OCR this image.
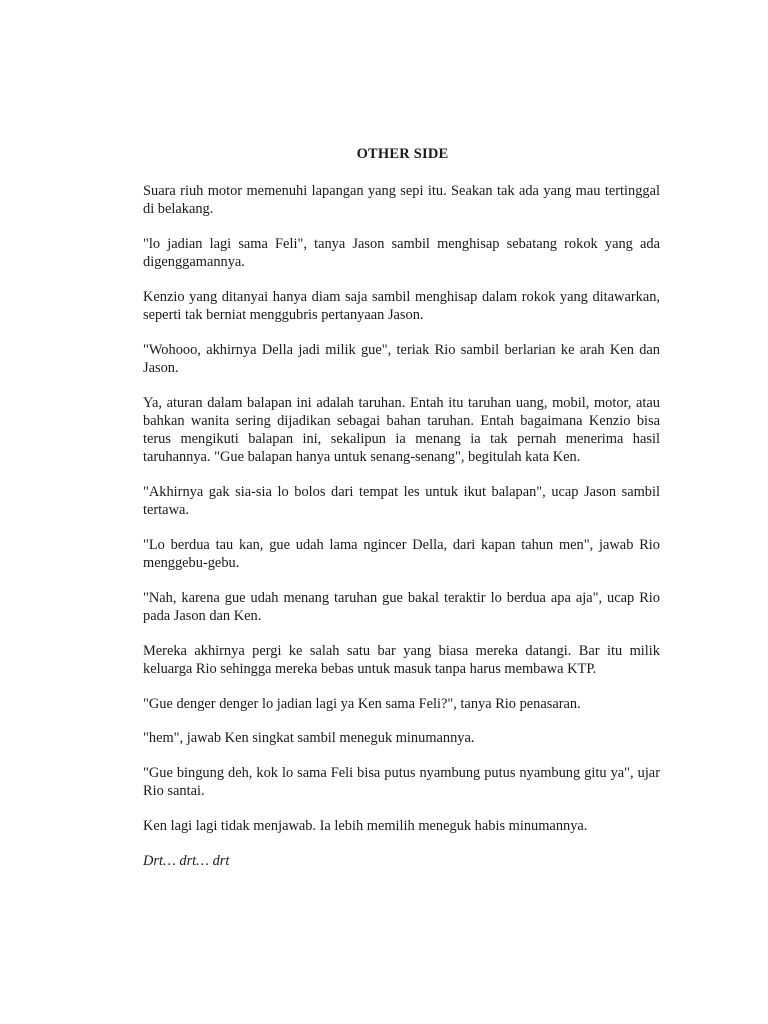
OTHER SIDE

Suara riuh motor memenuhi lapangan yang sepi itu. Seakan tak ada yang mau tertinggal di belakang.

"lo jadian lagi sama Feli", tanya Jason sambil menghisap sebatang rokok yang ada digenggamannya.

Kenzio yang ditanyai hanya diam saja sambil menghisap dalam rokok yang ditawarkan, seperti tak berniat menggubris pertanyaan Jason.

"Wohooo, akhirnya Della jadi milik gue", teriak Rio sambil berlarian ke arah Ken dan Jason.

Ya, aturan dalam balapan ini adalah taruhan. Entah itu taruhan uang, mobil, motor, atau bahkan wanita sering dijadikan sebagai bahan taruhan. Entah bagaimana Kenzio bisa terus mengikuti balapan ini, sekalipun ia menang ia tak pernah menerima hasil taruhannya. "Gue balapan hanya untuk senang-senang", begitulah kata Ken.

"Akhirnya gak sia-sia lo bolos dari tempat les untuk ikut balapan", ucap Jason sambil tertawa.

"Lo berdua tau kan, gue udah lama ngincer Della, dari kapan tahun men", jawab Rio menggebu-gebu.

"Nah, karena gue udah menang taruhan gue bakal teraktir lo berdua apa aja", ucap Rio pada Jason dan Ken.

Mereka akhirnya pergi ke salah satu bar yang biasa mereka datangi. Bar itu milik keluarga Rio sehingga mereka bebas untuk masuk tanpa harus membawa KTP.

"Gue denger denger lo jadian lagi ya Ken sama Feli?", tanya Rio penasaran.

"hem", jawab Ken singkat sambil meneguk minumannya.

"Gue bingung deh, kok lo sama Feli bisa putus nyambung putus nyambung gitu ya", ujar Rio santai.

Ken lagi lagi tidak menjawab. Ia lebih memilih meneguk habis minumannya.

Drt… drt… drt
